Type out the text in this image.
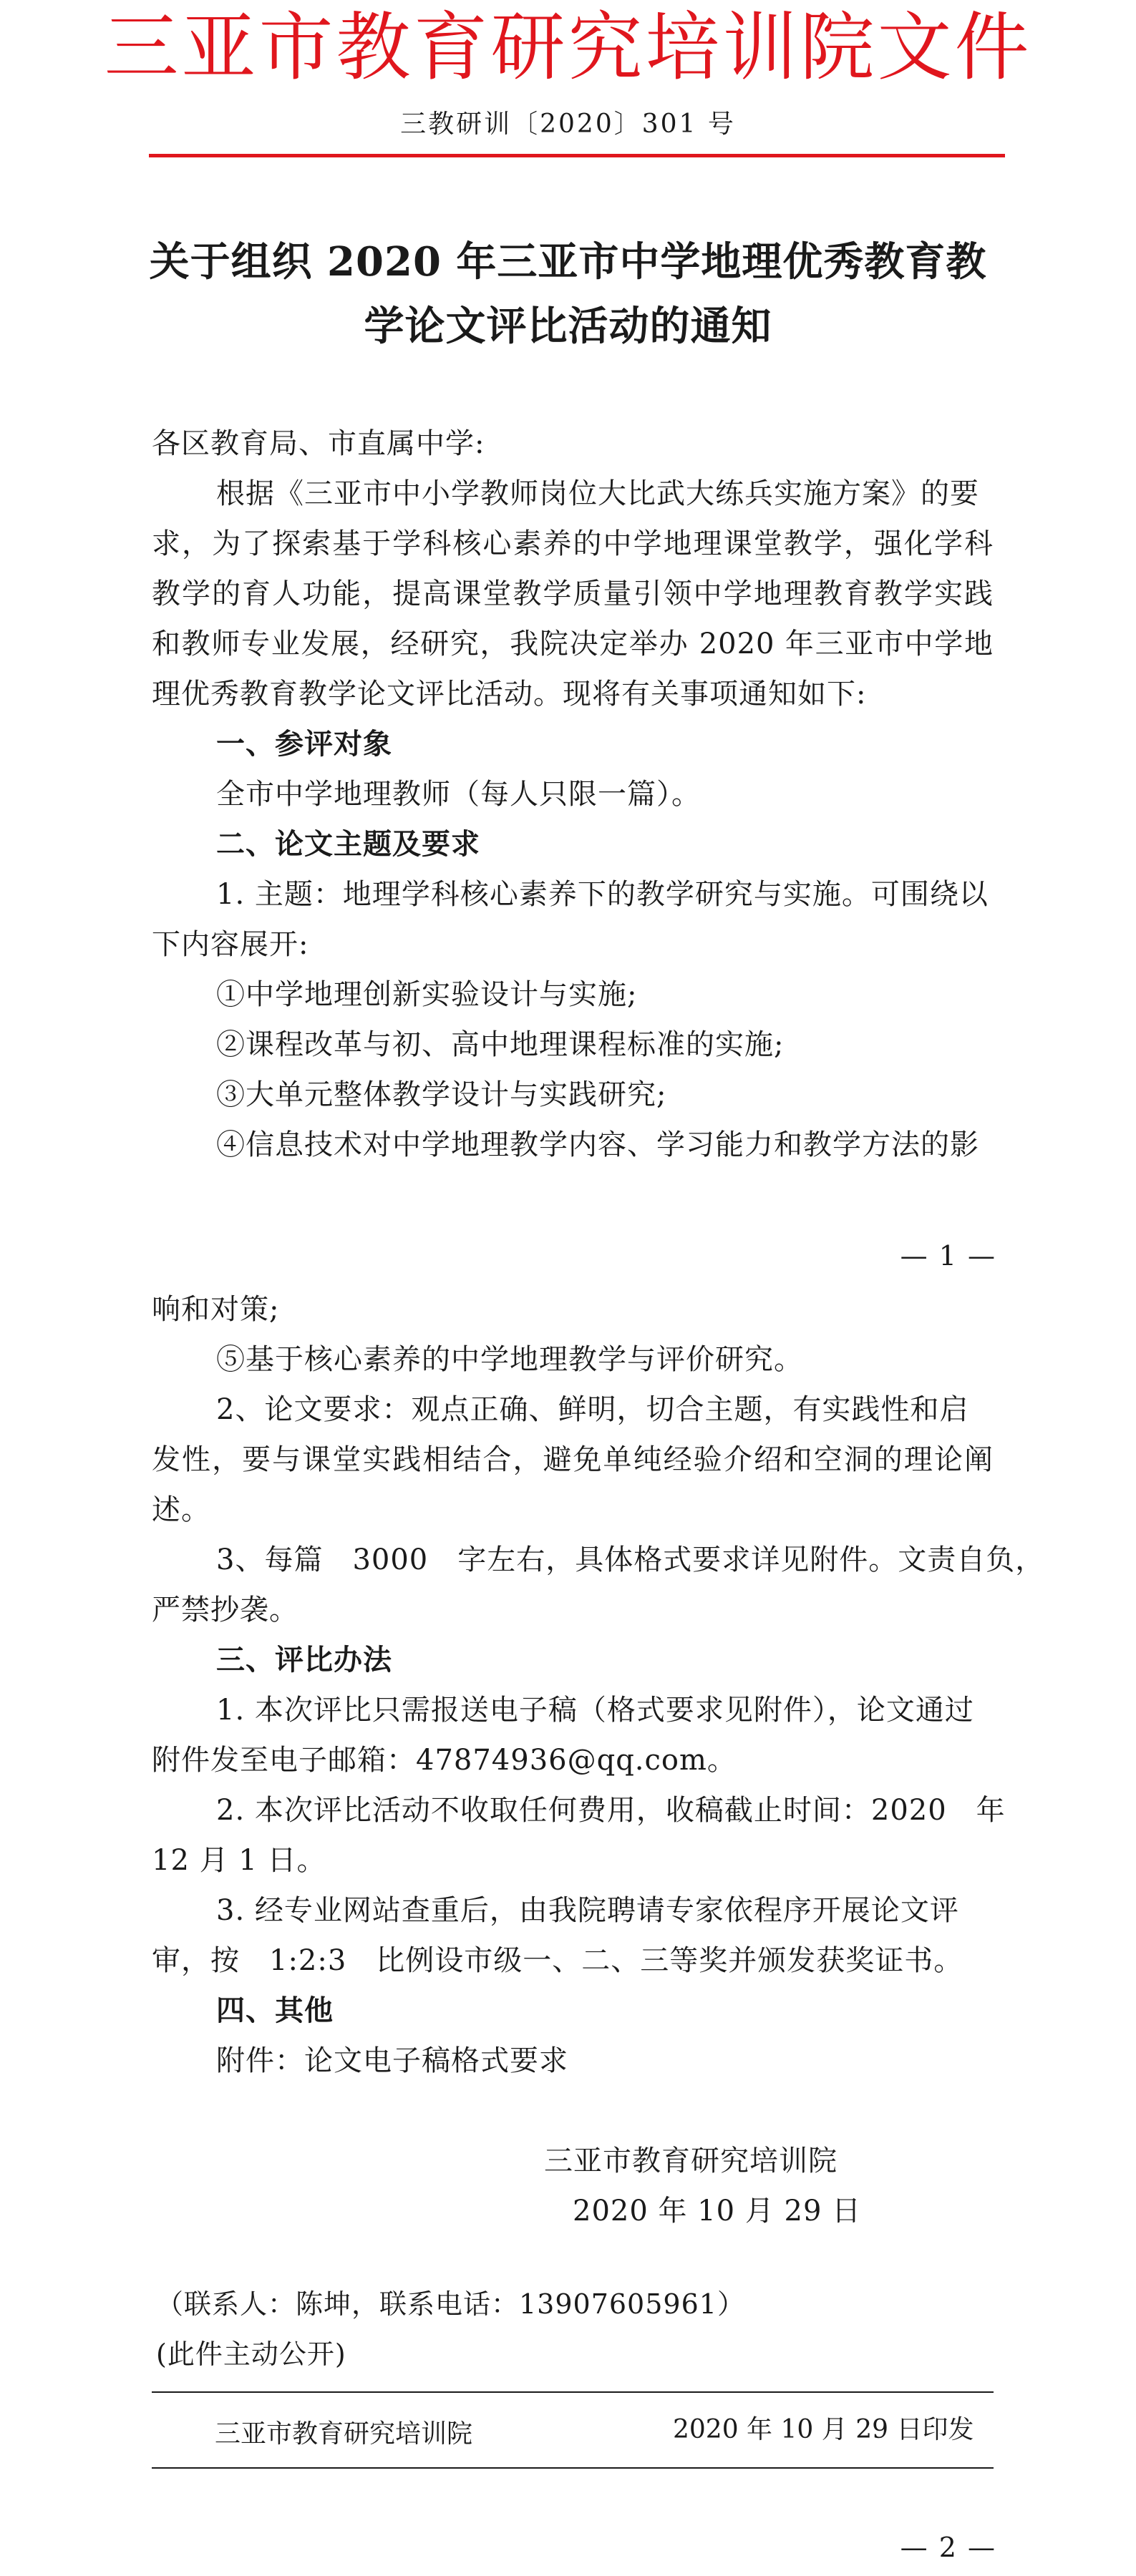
三亚市教育研究培训院文件
三教研训〔2020〕301 号
关于组织 2020 年三亚市中学地理优秀教育教
学论文评比活动的通知
各区教育局、市直属中学:
根据《三亚市中小学教师岗位大比武大练兵实施方案》的要
求，为了探索基于学科核心素养的中学地理课堂教学，强化学科
教学的育人功能，提高课堂教学质量引领中学地理教育教学实践
和教师专业发展，经研究，我院决定举办 2020 年三亚市中学地
理优秀教育教学论文评比活动。现将有关事项通知如下:
一、参评对象
全市中学地理教师（每人只限一篇）。
二、论文主题及要求
1. 主题：地理学科核心素养下的教学研究与实施。可围绕以
下内容展开:
①中学地理创新实验设计与实施;
②课程改革与初、高中地理课程标准的实施;
③大单元整体教学设计与实践研究;
④信息技术对中学地理教学内容、学习能力和教学方法的影
— 1 —
响和对策;
⑤基于核心素养的中学地理教学与评价研究。
2、论文要求：观点正确、鲜明，切合主题，有实践性和启
发性，要与课堂实践相结合，避免单纯经验介绍和空洞的理论阐
述。
3、每篇　3000　字左右，具体格式要求详见附件。文责自负，
严禁抄袭。
三、评比办法
1. 本次评比只需报送电子稿（格式要求见附件），论文通过
附件发至电子邮箱：47874936@qq.com。
2. 本次评比活动不收取任何费用，收稿截止时间：2020　年
12 月 1 日。
3. 经专业网站查重后，由我院聘请专家依程序开展论文评
审，按　1:2:3　比例设市级一、二、三等奖并颁发获奖证书。
四、其他
附件：论文电子稿格式要求
三亚市教育研究培训院
2020 年 10 月 29 日
（联系人：陈坤，联系电话：13907605961）
(此件主动公开)
三亚市教育研究培训院	2020 年 10 月 29 日印发
— 2 —
